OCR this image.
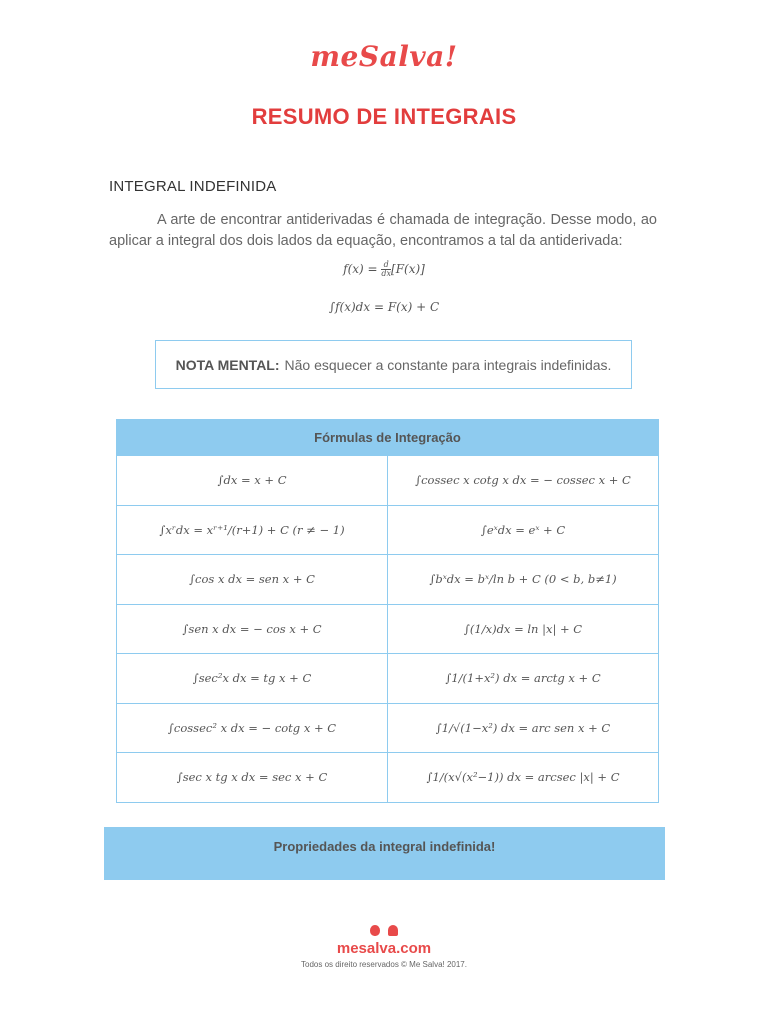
meSalva!
RESUMO DE INTEGRAIS
INTEGRAL INDEFINIDA
A arte de encontrar antiderivadas é chamada de integração. Desse modo, ao aplicar a integral dos dois lados da equação, encontramos a tal da antiderivada:
$f(x) = \frac{d}{dx} [F(x)]$
∫f(x)dx = F(x) + C
NOTA MENTAL: Não esquecer a constante para integrais indefinidas.
Fórmulas de Integração
∫dx = x + C	∫cossec x cotg x dx = − cossec x + C
∫xʳdx = xʳ⁺¹/(r+1) + C (r ≠ − 1)	∫eˣdx = eˣ + C
∫cos x dx = sen x + C	∫bˣdx = bˣ/ln b + C (0 < b, b≠1)
∫sen x dx = − cos x + C	∫(1/x)dx = ln |x| + C
∫sec²x dx = tg x + C	∫1/(1+x²) dx = arctg x + C
∫cossec² x dx = − cotg x + C	∫1/√(1−x²) dx = arc sen x + C
∫sec x tg x dx = sec x + C	∫1/(x√(x²−1)) dx = arcsec |x| + C
Propriedades da integral indefinida!
mesalva.com
Todos os direito reservados © Me Salva! 2017.
